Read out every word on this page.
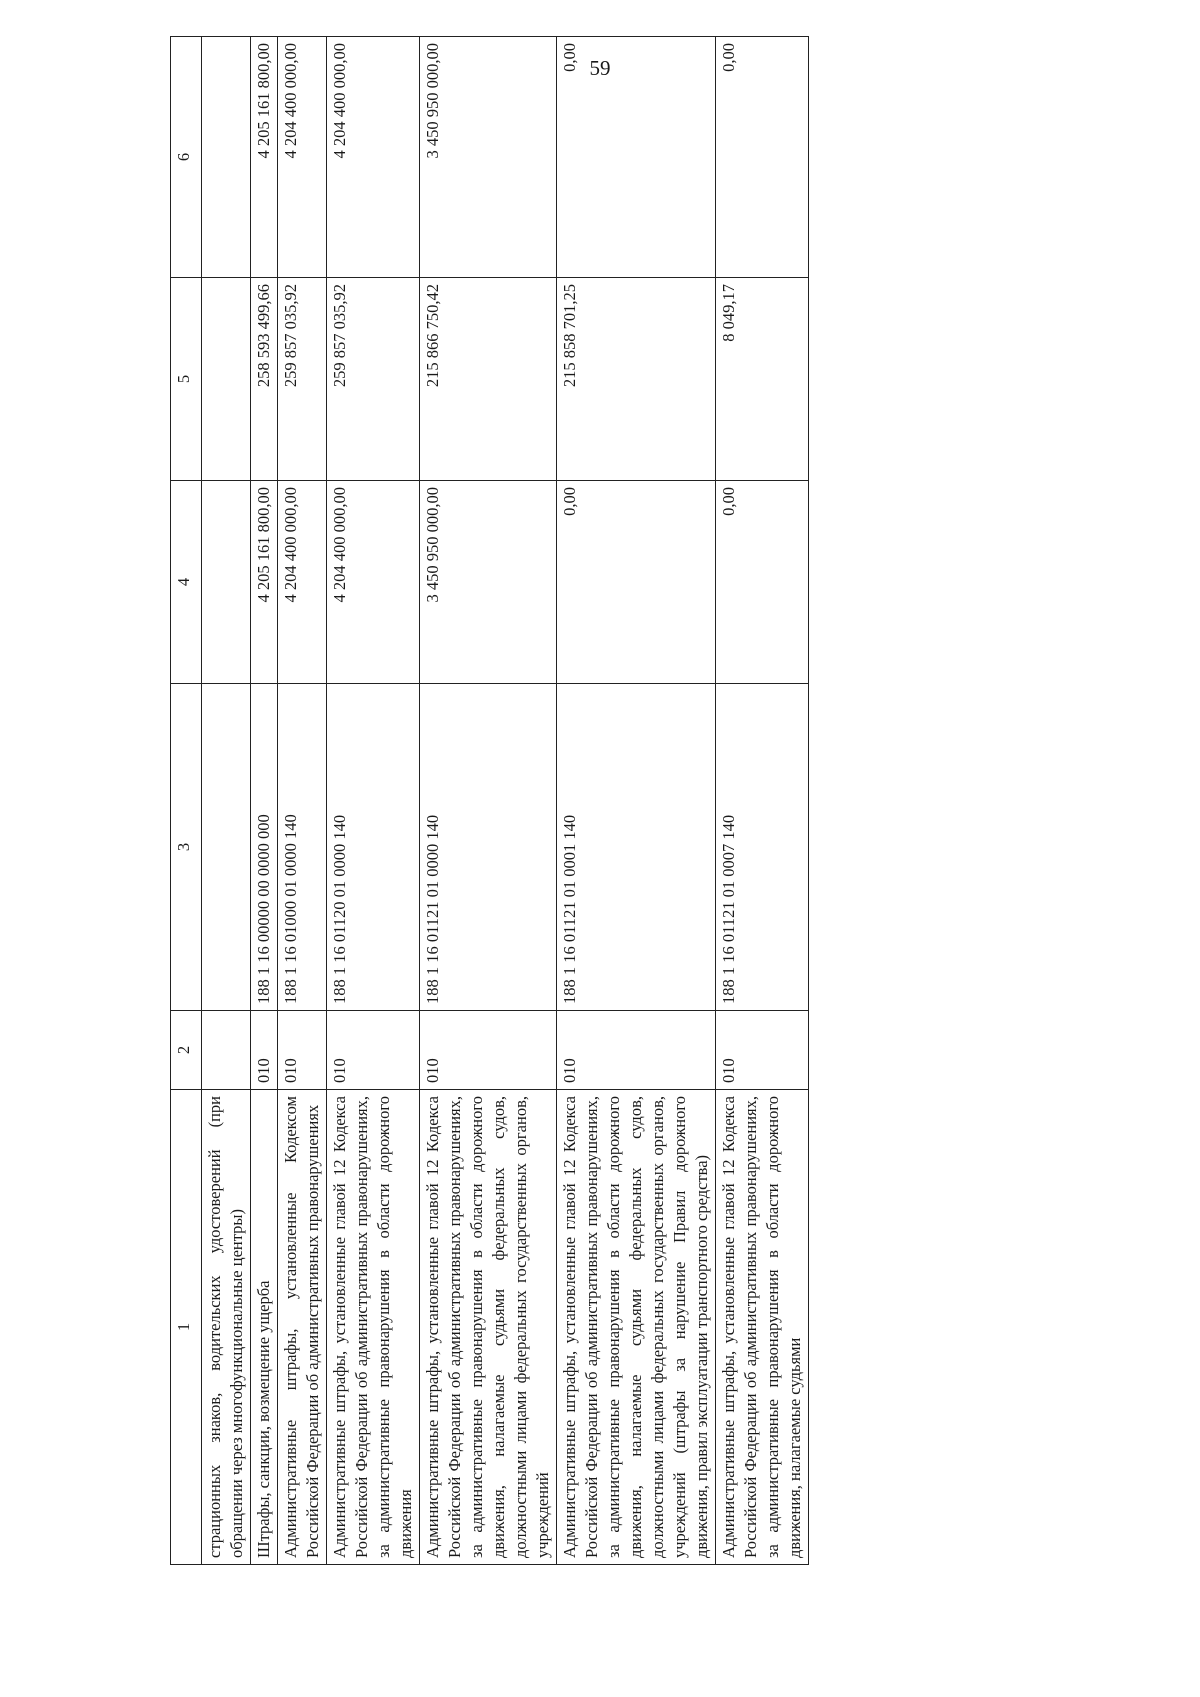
59
1	2	3	4	5	6
страционных знаков, водительских удостоверений (при обращении через многофункциональные центры)					
Штрафы, санкции, возмещение ущерба	010	188 1 16 00000 00 0000 000	4 205 161 800,00	258 593 499,66	4 205 161 800,00
Административные штрафы, установленные Кодексом Российской Федерации об административных правонарушениях	010	188 1 16 01000 01 0000 140	4 204 400 000,00	259 857 035,92	4 204 400 000,00
Административные штрафы, установленные главой 12 Кодекса Российской Федерации об административных правонарушениях, за административные правонарушения в области дорожного движения	010	188 1 16 01120 01 0000 140	4 204 400 000,00	259 857 035,92	4 204 400 000,00
Административные штрафы, установленные главой 12 Кодекса Российской Федерации об административных правонарушениях, за административные правонарушения в области дорожного движения, налагаемые судьями федеральных судов, должностными лицами федеральных государственных органов, учреждений	010	188 1 16 01121 01 0000 140	3 450 950 000,00	215 866 750,42	3 450 950 000,00
Административные штрафы, установленные главой 12 Кодекса Российской Федерации об административных правонарушениях, за административные правонарушения в области дорожного движения, налагаемые судьями федеральных судов, должностными лицами федеральных государственных органов, учреждений (штрафы за нарушение Правил дорожного движения, правил эксплуатации транспортного средства)	010	188 1 16 01121 01 0001 140	0,00	215 858 701,25	0,00
Административные штрафы, установленные главой 12 Кодекса Российской Федерации об административных правонарушениях, за административные правонарушения в области дорожного движения, налагаемые судьями	010	188 1 16 01121 01 0007 140	0,00	8 049,17	0,00
